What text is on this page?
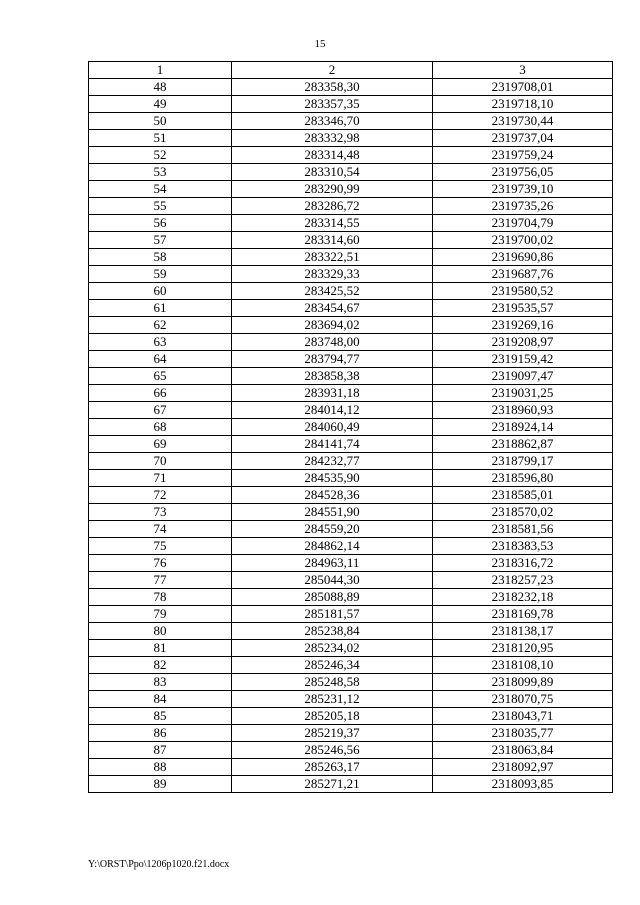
15
1	2	3
48	283358,30	2319708,01
49	283357,35	2319718,10
50	283346,70	2319730,44
51	283332,98	2319737,04
52	283314,48	2319759,24
53	283310,54	2319756,05
54	283290,99	2319739,10
55	283286,72	2319735,26
56	283314,55	2319704,79
57	283314,60	2319700,02
58	283322,51	2319690,86
59	283329,33	2319687,76
60	283425,52	2319580,52
61	283454,67	2319535,57
62	283694,02	2319269,16
63	283748,00	2319208,97
64	283794,77	2319159,42
65	283858,38	2319097,47
66	283931,18	2319031,25
67	284014,12	2318960,93
68	284060,49	2318924,14
69	284141,74	2318862,87
70	284232,77	2318799,17
71	284535,90	2318596,80
72	284528,36	2318585,01
73	284551,90	2318570,02
74	284559,20	2318581,56
75	284862,14	2318383,53
76	284963,11	2318316,72
77	285044,30	2318257,23
78	285088,89	2318232,18
79	285181,57	2318169,78
80	285238,84	2318138,17
81	285234,02	2318120,95
82	285246,34	2318108,10
83	285248,58	2318099,89
84	285231,12	2318070,75
85	285205,18	2318043,71
86	285219,37	2318035,77
87	285246,56	2318063,84
88	285263,17	2318092,97
89	285271,21	2318093,85
Y:\ORST\Ppo\1206p1020.f21.docx
